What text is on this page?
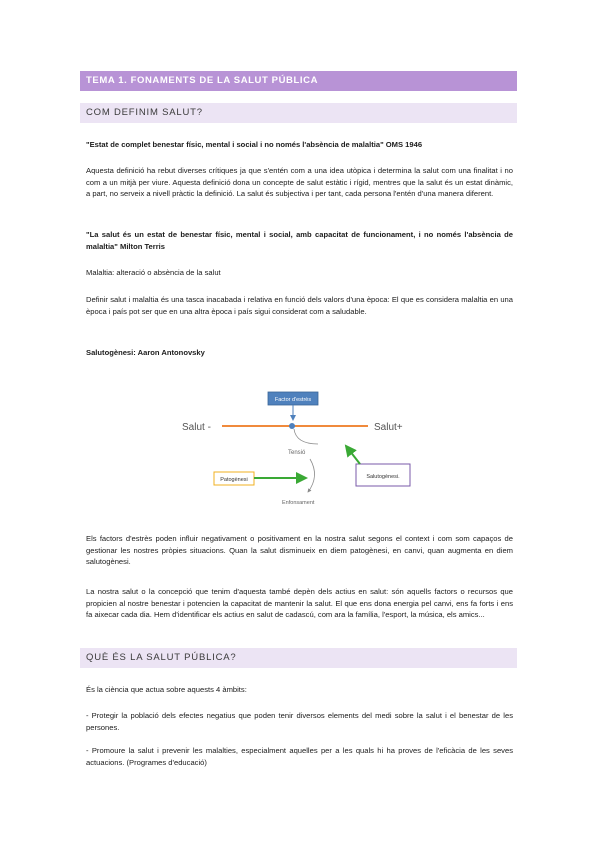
TEMA 1. FONAMENTS DE LA SALUT PÚBLICA
COM DEFINIM SALUT?

"Estat de complet benestar físic, mental i social i no només l'absència de malaltia" OMS 1946

Aquesta definició ha rebut diverses crítiques ja que s'entén com a una idea utòpica i determina la salut com una finalitat i no com a un mitjà per viure. Aquesta definició dona un concepte de salut estàtic i rígid, mentres que la salut és un estat dinàmic, a part, no serveix a nivell pràctic la definició. La salut és subjectiva i per tant, cada persona l'entén d'una manera diferent.

"La salut és un estat de benestar físic, mental i social, amb capacitat de funcionament, i no només l'absència de malaltia" Milton Terris

Malaltia: alteració o absència de la salut

Definir salut i malaltia és una tasca inacabada i relativa en funció dels valors d'una època: El que es considera malaltia en una època i país pot ser que en una altra època i país sigui considerat com a saludable.

Salutogènesi: Aaron Antonovsky

Salut -	Salut+
Factor d'estrès
Tensió
Enfonsament
Patogènesi	Salutogènesi.

Els factors d'estrès poden influir negativament o positivament en la nostra salut segons el context i com som capaços de gestionar les nostres pròpies situacions. Quan la salut disminueix en diem patogènesi, en canvi, quan augmenta en diem salutogènesi.

La nostra salut o la concepció que tenim d'aquesta també depèn dels actius en salut: són aquells factors o recursos que propicien al nostre benestar i potencien la capacitat de mantenir la salut. El que ens dona energia pel canvi, ens fa forts i ens fa aixecar cada dia. Hem d'identificar els actius en salut de cadascú, com ara la família, l'esport, la música, els amics...

QUÈ ÉS LA SALUT PÚBLICA?

És la ciència que actua sobre aquests 4 àmbits:

- Protegir la població dels efectes negatius que poden tenir diversos elements del medi sobre la salut i el benestar de les persones.

- Promoure la salut i prevenir les malalties, especialment aquelles per a les quals hi ha proves de l'eficàcia de les seves actuacions. (Programes d'educació)
